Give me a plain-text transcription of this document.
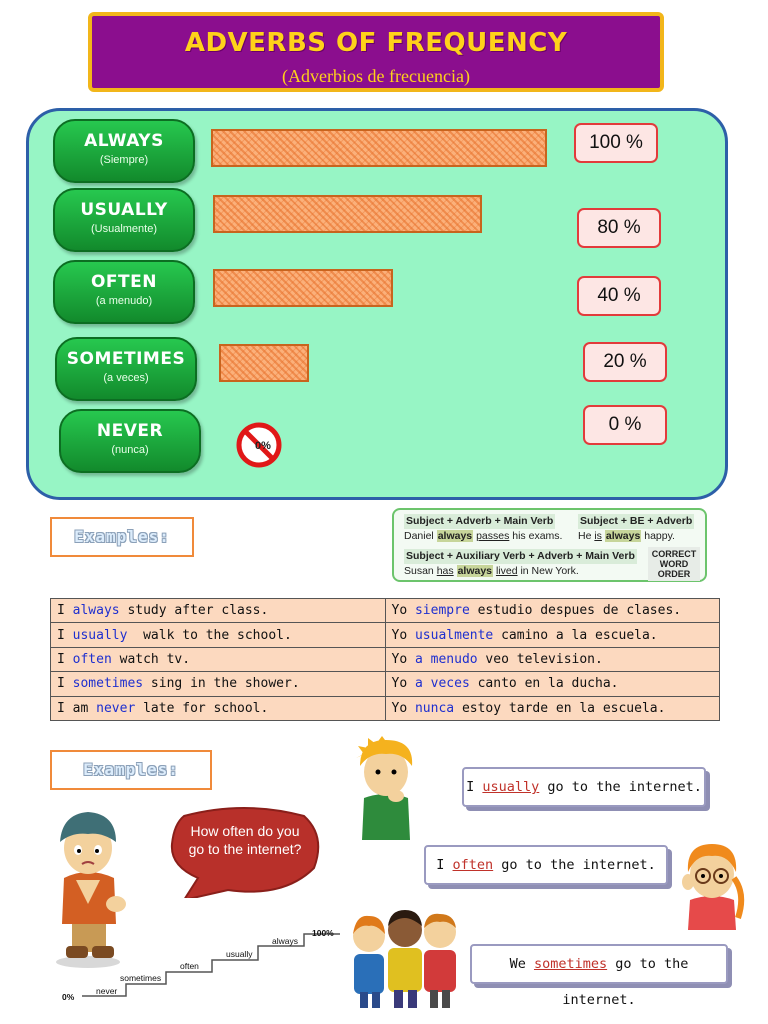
ADVERBS OF FREQUENCY
(Adverbios de frecuencia)
ALWAYS
(Siempre)
USUALLY
(Usualmente)
OFTEN
(a menudo)
SOMETIMES
(a veces)
NEVER
(nunca)	0%
100 %
80 %
40 %
20 %
0 %
Examples:
Subject + Adverb + Main Verb
Daniel always passes his exams.
Subject + BE + Adverb
He is always happy.
Subject + Auxiliary Verb + Adverb + Main Verb
Susan has always lived in New York.
CORRECT WORD ORDER
I always study after class.	Yo siempre estudio despues de clases.
I usually  walk to the school.	Yo usualmente camino a la escuela.
I often watch tv.	Yo a menudo veo television.
I sometimes sing in the shower.	Yo a veces canto en la ducha.
I am never late for school.	Yo nunca estoy tarde en la escuela.
Examples:
How often do you go to the internet?
0%
never
sometimes
often
usually
always
100%
I usually go to the internet.
I often go to the internet.
We sometimes go to the internet.
